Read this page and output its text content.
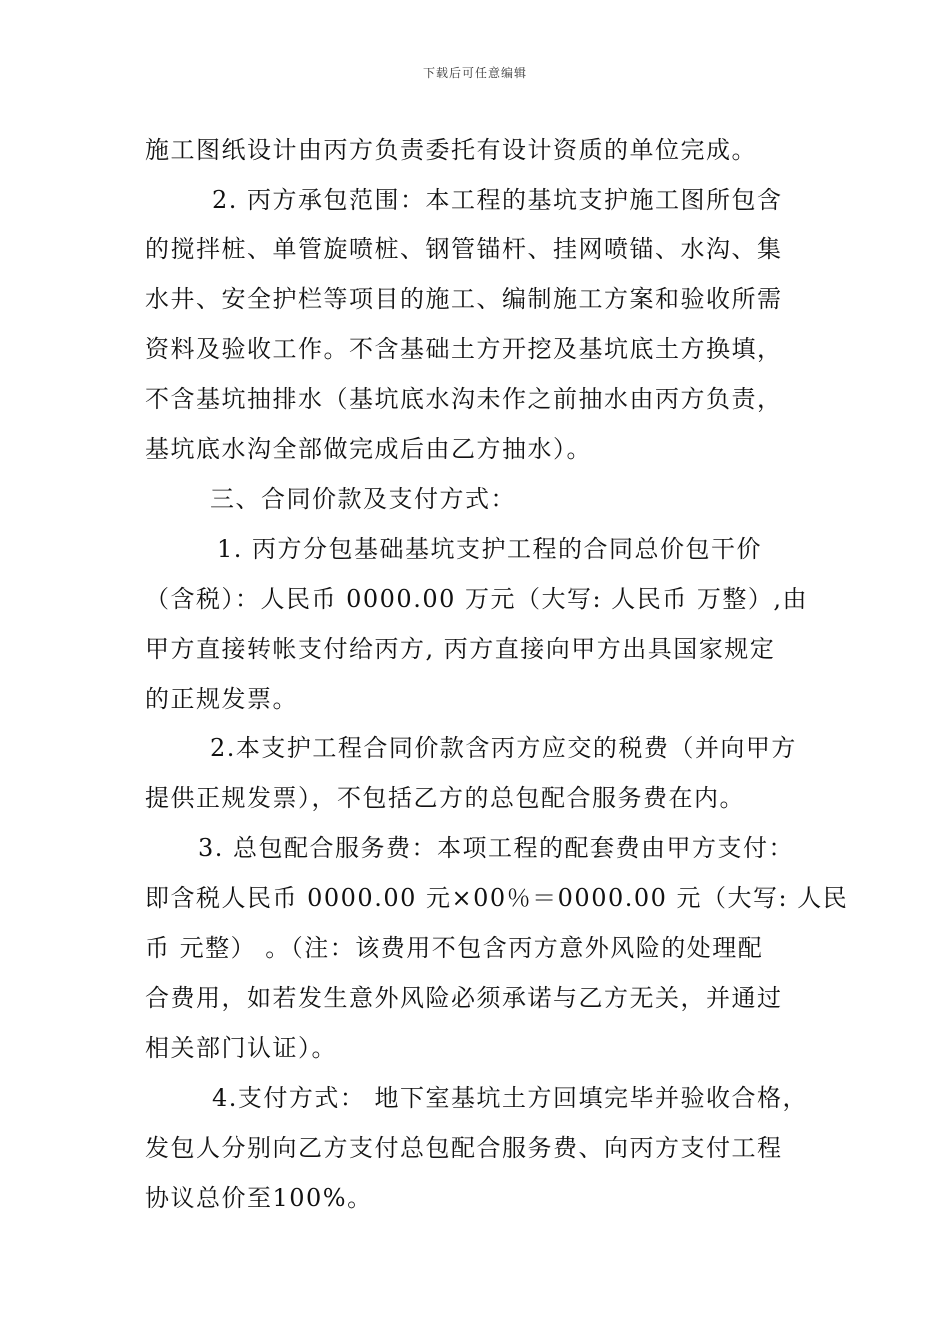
下载后可任意编辑
施工图纸设计由丙方负责委托有设计资质的单位完成。
2. 丙方承包范围：本工程的基坑支护施工图所包含
的搅拌桩、单管旋喷桩、钢管锚杆、挂网喷锚、水沟、集
水井、安全护栏等项目的施工、编制施工方案和验收所需
资料及验收工作。不含基础土方开挖及基坑底土方换填，
不含基坑抽排水（基坑底水沟未作之前抽水由丙方负责，
基坑底水沟全部做完成后由乙方抽水）。
三、合同价款及支付方式：
1. 丙方分包基础基坑支护工程的合同总价包干价
（含税）：人民币 0000.00 万元（大写: 人民币 万整）,由
甲方直接转帐支付给丙方, 丙方直接向甲方出具国家规定
的正规发票。
2.本支护工程合同价款含丙方应交的税费（并向甲方
提供正规发票），不包括乙方的总包配合服务费在内。
3. 总包配合服务费：本项工程的配套费由甲方支付：
即含税人民币 0000.00 元×00％＝0000.00 元（大写: 人民
币 元整） 。（注：该费用不包含丙方意外风险的处理配
合费用，如若发生意外风险必须承诺与乙方无关，并通过
相关部门认证）。
4.支付方式： 地下室基坑土方回填完毕并验收合格，
发包人分别向乙方支付总包配合服务费、向丙方支付工程
协议总价至100%。
